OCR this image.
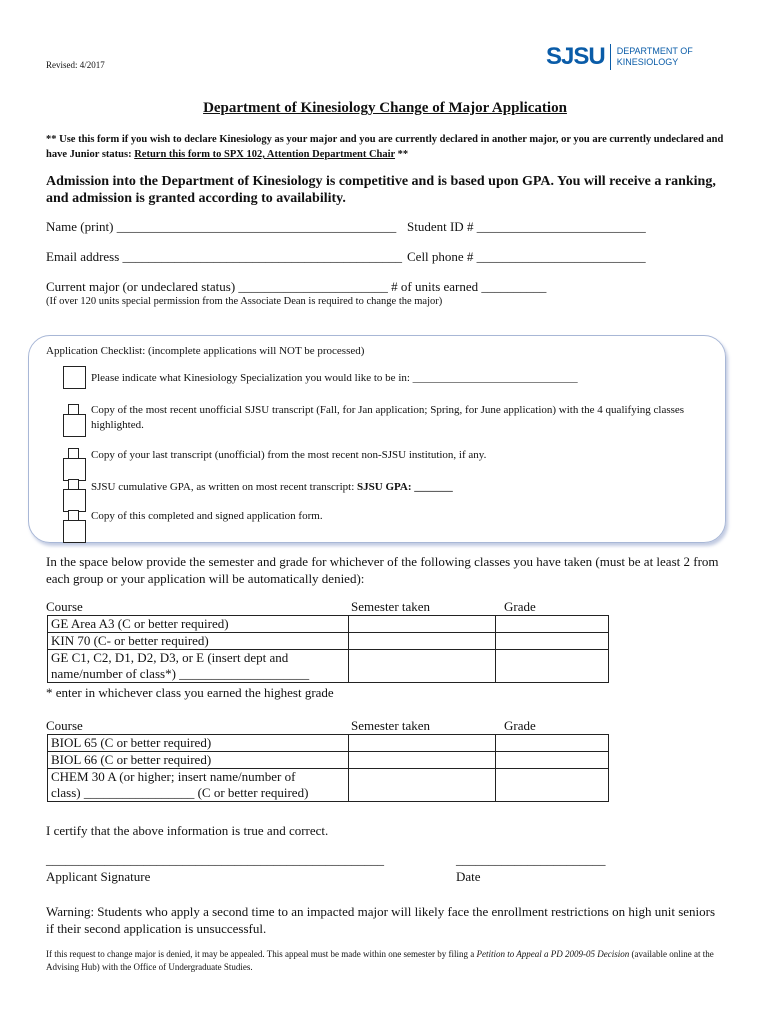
Revised: 4/2017	SJSU DEPARTMENT OF
KINESIOLOGY
Department of Kinesiology Change of Major Application
** Use this form if you wish to declare Kinesiology as your major and you are currently declared in another major, or you are currently undeclared and have Junior status: Return this form to SPX 102, Attention Department Chair **
Admission into the Department of Kinesiology is competitive and is based upon GPA. You will receive a ranking, and admission is granted according to availability.
Name (print) ___________________________________________ Student ID # __________________________
Email address ___________________________________________ Cell phone # __________________________
Current major (or undeclared status) _______________________ # of units earned __________
(If over 120 units special permission from the Associate Dean is required to change the major)
Application Checklist: (incomplete applications will NOT be processed)
Please indicate what Kinesiology Specialization you would like to be in: ______________________________
Copy of the most recent unofficial SJSU transcript (Fall, for Jan application; Spring, for June application) with the 4 qualifying classes highlighted.
Copy of your last transcript (unofficial) from the most recent non-SJSU institution, if any.
SJSU cumulative GPA, as written on most recent transcript: SJSU GPA: _______
Copy of this completed and signed application form.
In the space below provide the semester and grade for whichever of the following classes you have taken (must be at least 2 from each group or your application will be automatically denied):
Course	Semester taken	Grade
GE Area A3 (C or better required)		
KIN 70 (C- or better required)		
GE C1, C2, D1, D2, D3, or E (insert dept and
name/number of class*) ____________________		
* enter in whichever class you earned the highest grade
Course	Semester taken	Grade
BIOL 65 (C or better required)		
BIOL 66 (C or better required)		
CHEM 30 A (or higher; insert name/number of
class) _________________ (C or better required)		
I certify that the above information is true and correct.
____________________________________________________
Applicant Signature
_______________________
Date
Warning: Students who apply a second time to an impacted major will likely face the enrollment restrictions on high unit seniors if their second application is unsuccessful.
If this request to change major is denied, it may be appealed. This appeal must be made within one semester by filing a Petition to Appeal a PD 2009-05 Decision (available online at the Advising Hub) with the Office of Undergraduate Studies.
